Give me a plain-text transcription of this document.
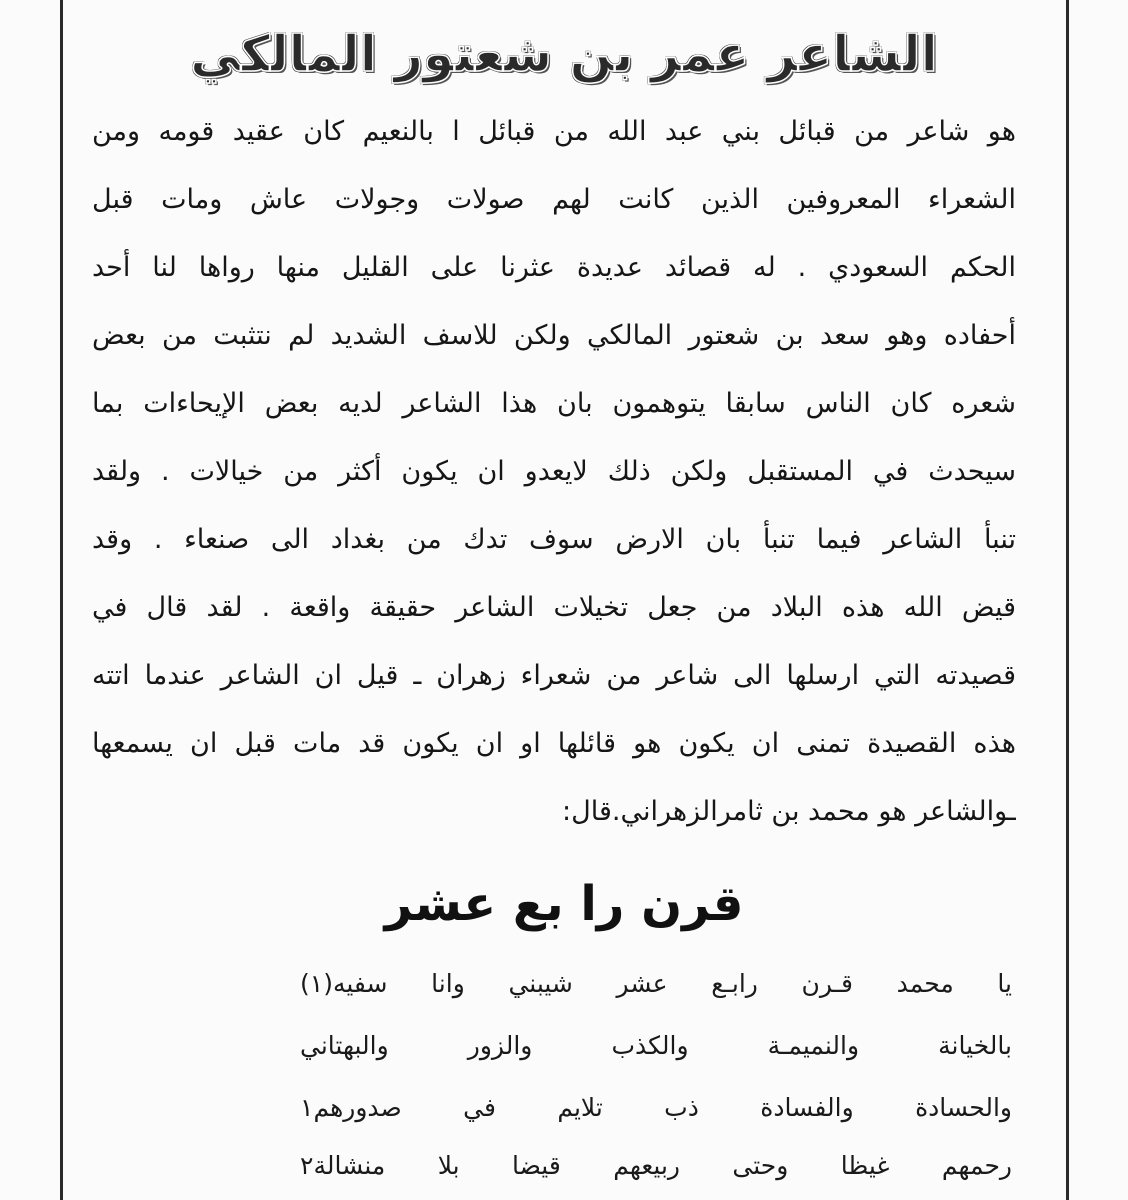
الشاعر عمر بن شعتور المالكي
هو شاعر من قبائل بني عبد الله من قبائل ا بالنعيم كان عقيد قومه ومن
الشعراء المعروفين الذين كانت لهم صولات وجولات عاش ومات قبل
الحكم السعودي . له قصائد عديدة عثرنا على القليل منها رواها لنا أحد
أحفاده وهو سعد بن شعتور المالكي ولكن للاسف الشديد لم نتثبت من بعض
شعره كان الناس سابقا يتوهمون بان هذا الشاعر لديه بعض الإيحاءات بما
سيحدث في المستقبل ولكن ذلك لايعدو ان يكون أكثر من خيالات . ولقد
تنبأ الشاعر فيما تنبأ بان الارض سوف تدك من بغداد الى صنعاء . وقد
قيض الله هذه البلاد من جعل تخيلات الشاعر حقيقة واقعة . لقد قال في
قصيدته التي ارسلها الى شاعر من شعراء زهران ـ قيل ان الشاعر عندما اتته
هذه القصيدة تمنى ان يكون هو قائلها او ان يكون قد مات قبل ان يسمعها
ـوالشاعر هو محمد بن ثامرالزهراني.قال:
قرن را بع عشر
يا محمد قـرن رابـع عشر شيبني وانا سفيه(١)
بالخيانة والنميمـة والكذب والزور والبهتاني
والحسادة والفسادة ذب تلايم في صدورهم١
رحمهم غيظا وحتى ربيعهم قيضا بلا منشالة٢
